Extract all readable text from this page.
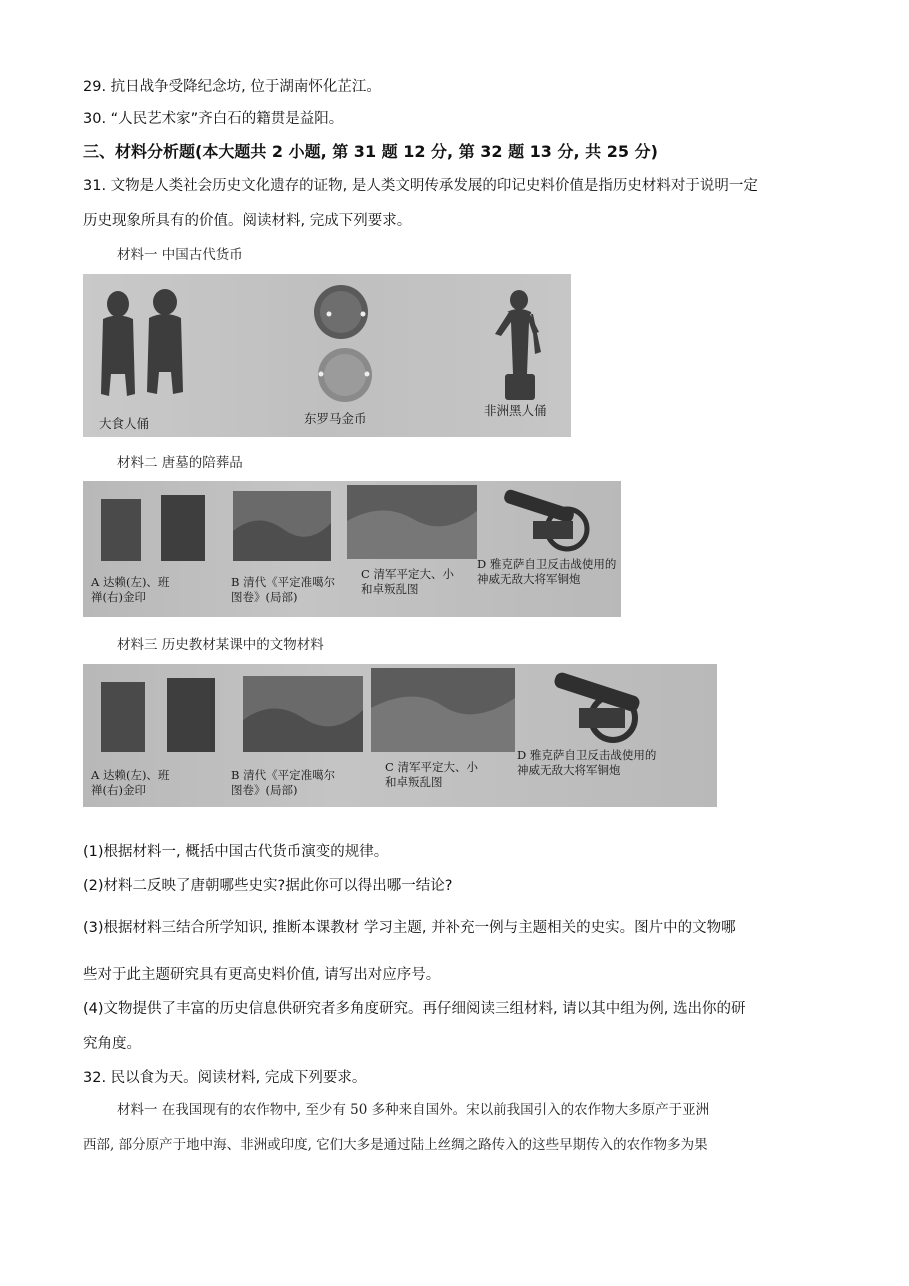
29. 抗日战争受降纪念坊, 位于湖南怀化芷江。
30. “人民艺术家”齐白石的籍贯是益阳。
三、材料分析题(本大题共 2 小题, 第 31 题 12 分, 第 32 题 13 分, 共 25 分)
31. 文物是人类社会历史文化遗存的证物, 是人类文明传承发展的印记史料价值是指历史材料对于说明一定
历史现象所具有的价值。阅读材料, 完成下列要求。
材料一 中国古代货币
大食人俑	东罗马金币
非洲黑人俑
材料二 唐墓的陪葬品
A 达赖(左)、班
禅(右)金印
B 清代《平定准噶尔
图卷》(局部)
C 清军平定大、小
和卓叛乱图
D 雅克萨自卫反击战使用的
神威无敌大将军铜炮
材料三 历史教材某课中的文物材料
A 达赖(左)、班
禅(右)金印
B 清代《平定准噶尔
图卷》(局部)
C 清军平定大、小
和卓叛乱图
D 雅克萨自卫反击战使用的
神威无敌大将军铜炮
(1)根据材料一, 概括中国古代货币演变的规律。
(2)材料二反映了唐朝哪些史实?据此你可以得出哪一结论?
(3)根据材料三结合所学知识, 推断本课教材 学习主题, 并补充一例与主题相关的史实。图片中的文物哪
些对于此主题研究具有更高史料价值, 请写出对应序号。
(4)文物提供了丰富的历史信息供研究者多角度研究。再仔细阅读三组材料, 请以其中组为例, 选出你的研
究角度。
32. 民以食为天。阅读材料, 完成下列要求。
材料一 在我国现有的农作物中, 至少有 50 多种来自国外。宋以前我国引入的农作物大多原产于亚洲
西部, 部分原产于地中海、非洲或印度, 它们大多是通过陆上丝绸之路传入的这些早期传入的农作物多为果
